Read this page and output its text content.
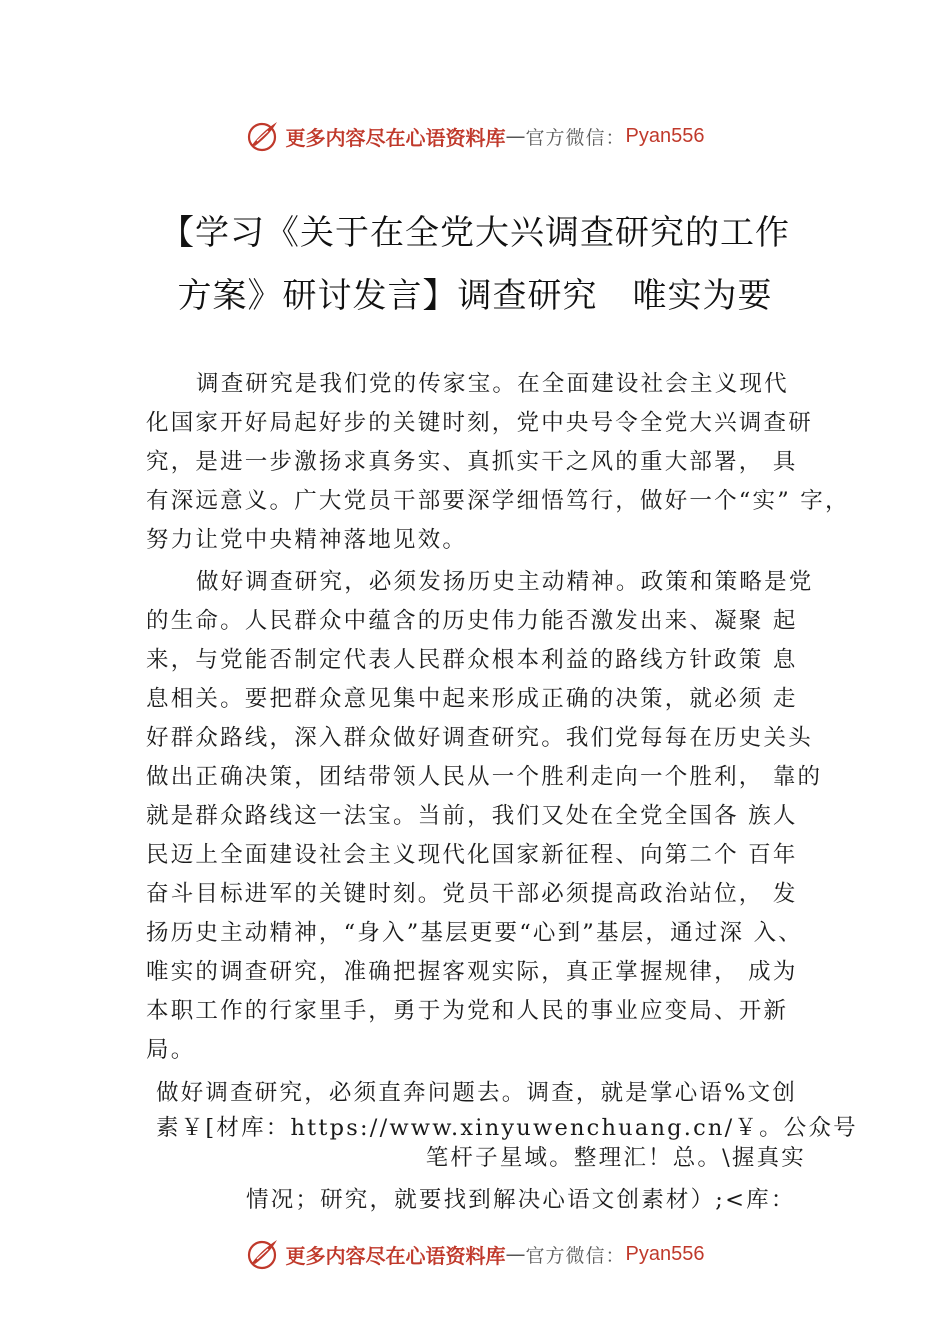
更多内容尽在心语资料库 — 官方微信： Pyan556
【学习《关于在全党大兴调查研究的工作
方案》研讨发言】调查研究　唯实为要
调查研究是我们党的传家宝。在全面建设社会主义现代
化国家开好局起好步的关键时刻，党中央号令全党大兴调查研
究，是进一步激扬求真务实、真抓实干之风的重大部署， 具
有深远意义。广大党员干部要深学细悟笃行，做好一个“实” 字，
努力让党中央精神落地见效。
做好调查研究，必须发扬历史主动精神。政策和策略是党
的生命。人民群众中蕴含的历史伟力能否激发出来、凝聚 起
来，与党能否制定代表人民群众根本利益的路线方针政策 息
息相关。要把群众意见集中起来形成正确的决策，就必须 走
好群众路线，深入群众做好调查研究。我们党每每在历史关头
做出正确决策，团结带领人民从一个胜利走向一个胜利， 靠的
就是群众路线这一法宝。当前，我们又处在全党全国各 族人
民迈上全面建设社会主义现代化国家新征程、向第二个 百年
奋斗目标进军的关键时刻。党员干部必须提高政治站位， 发
扬历史主动精神，“身入”基层更要“心到”基层，通过深 入、
唯实的调查研究，准确把握客观实际，真正掌握规律， 成为
本职工作的行家里手，勇于为党和人民的事业应变局、开新
局。
做好调查研究，必须直奔问题去。调查，就是掌心语%文创
素￥[材库：https://www.xinyuwenchuang.cn/￥。公众号
笔杆子星域。整理汇！总。\握真实
情况；研究，就要找到解决心语文创素材）;<库：
更多内容尽在心语资料库 — 官方微信： Pyan556
